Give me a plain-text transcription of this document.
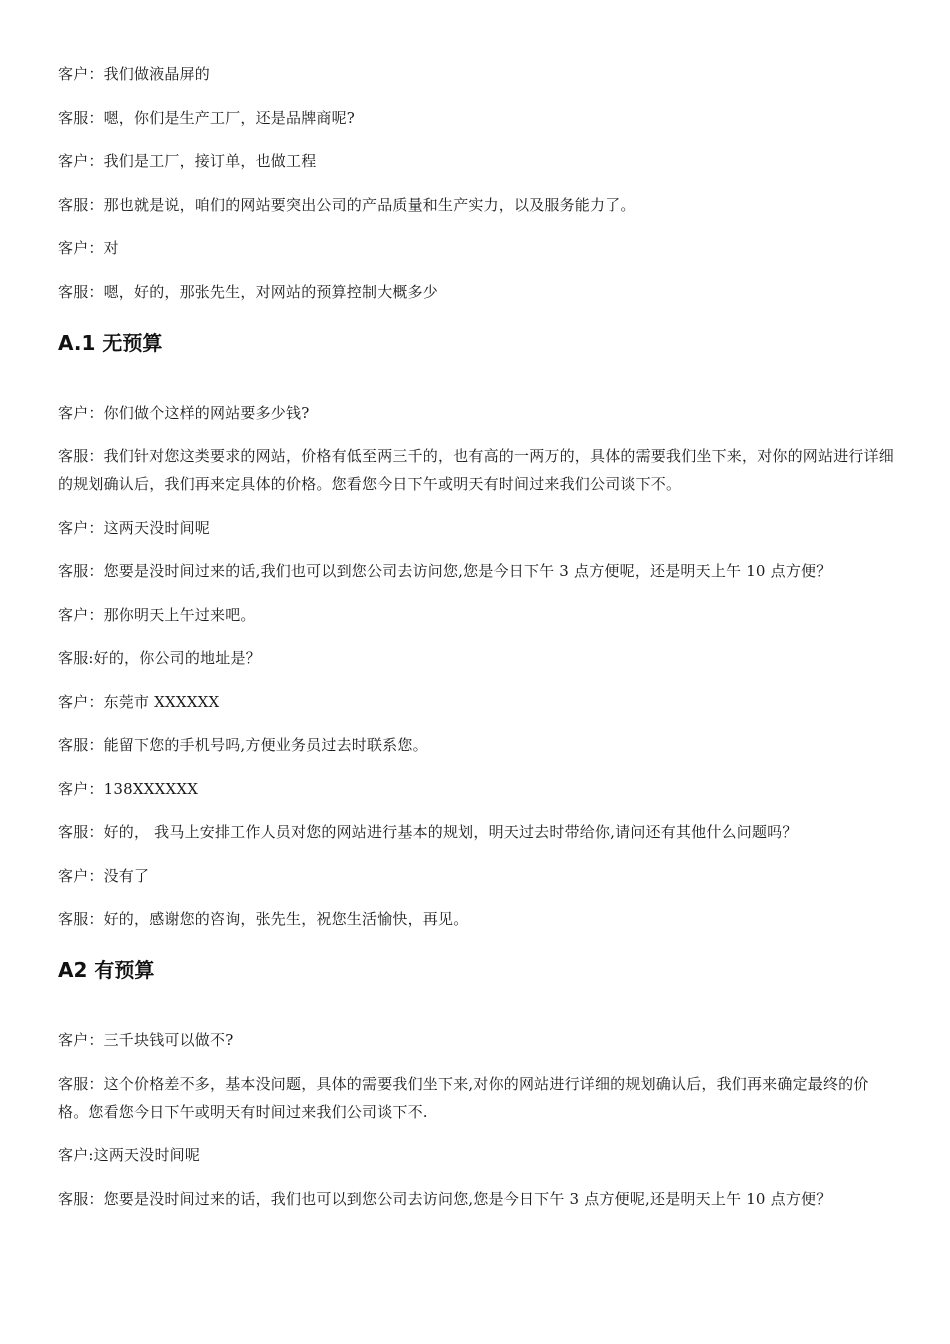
客户：我们做液晶屏的

客服：嗯，你们是生产工厂，还是品牌商呢?

客户：我们是工厂，接订单，也做工程

客服：那也就是说，咱们的网站要突出公司的产品质量和生产实力，以及服务能力了。

客户：对

客服：嗯，好的，那张先生，对网站的预算控制大概多少

A.1 无预算

客户：你们做个这样的网站要多少钱?

客服：我们针对您这类要求的网站，价格有低至两三千的，也有高的一两万的，具体的需要我们坐下来，对你的网站进行详细的规划确认后，我们再来定具体的价格。您看您今日下午或明天有时间过来我们公司谈下不。

客户：这两天没时间呢

客服：您要是没时间过来的话,我们也可以到您公司去访问您,您是今日下午 3 点方便呢，还是明天上午 10 点方便？

客户：那你明天上午过来吧。

客服:好的，你公司的地址是？

客户：东莞市 XXXXXX

客服：能留下您的手机号吗,方便业务员过去时联系您。

客户：138XXXXXX

客服：好的， 我马上安排工作人员对您的网站进行基本的规划，明天过去时带给你,请问还有其他什么问题吗？

客户：没有了

客服：好的，感谢您的咨询，张先生，祝您生活愉快，再见。

A2 有预算

客户：三千块钱可以做不?

客服：这个价格差不多，基本没问题，具体的需要我们坐下来,对你的网站进行详细的规划确认后，我们再来确定最终的价格。您看您今日下午或明天有时间过来我们公司谈下不.

客户:这两天没时间呢

客服：您要是没时间过来的话，我们也可以到您公司去访问您,您是今日下午 3 点方便呢,还是明天上午 10 点方便？
